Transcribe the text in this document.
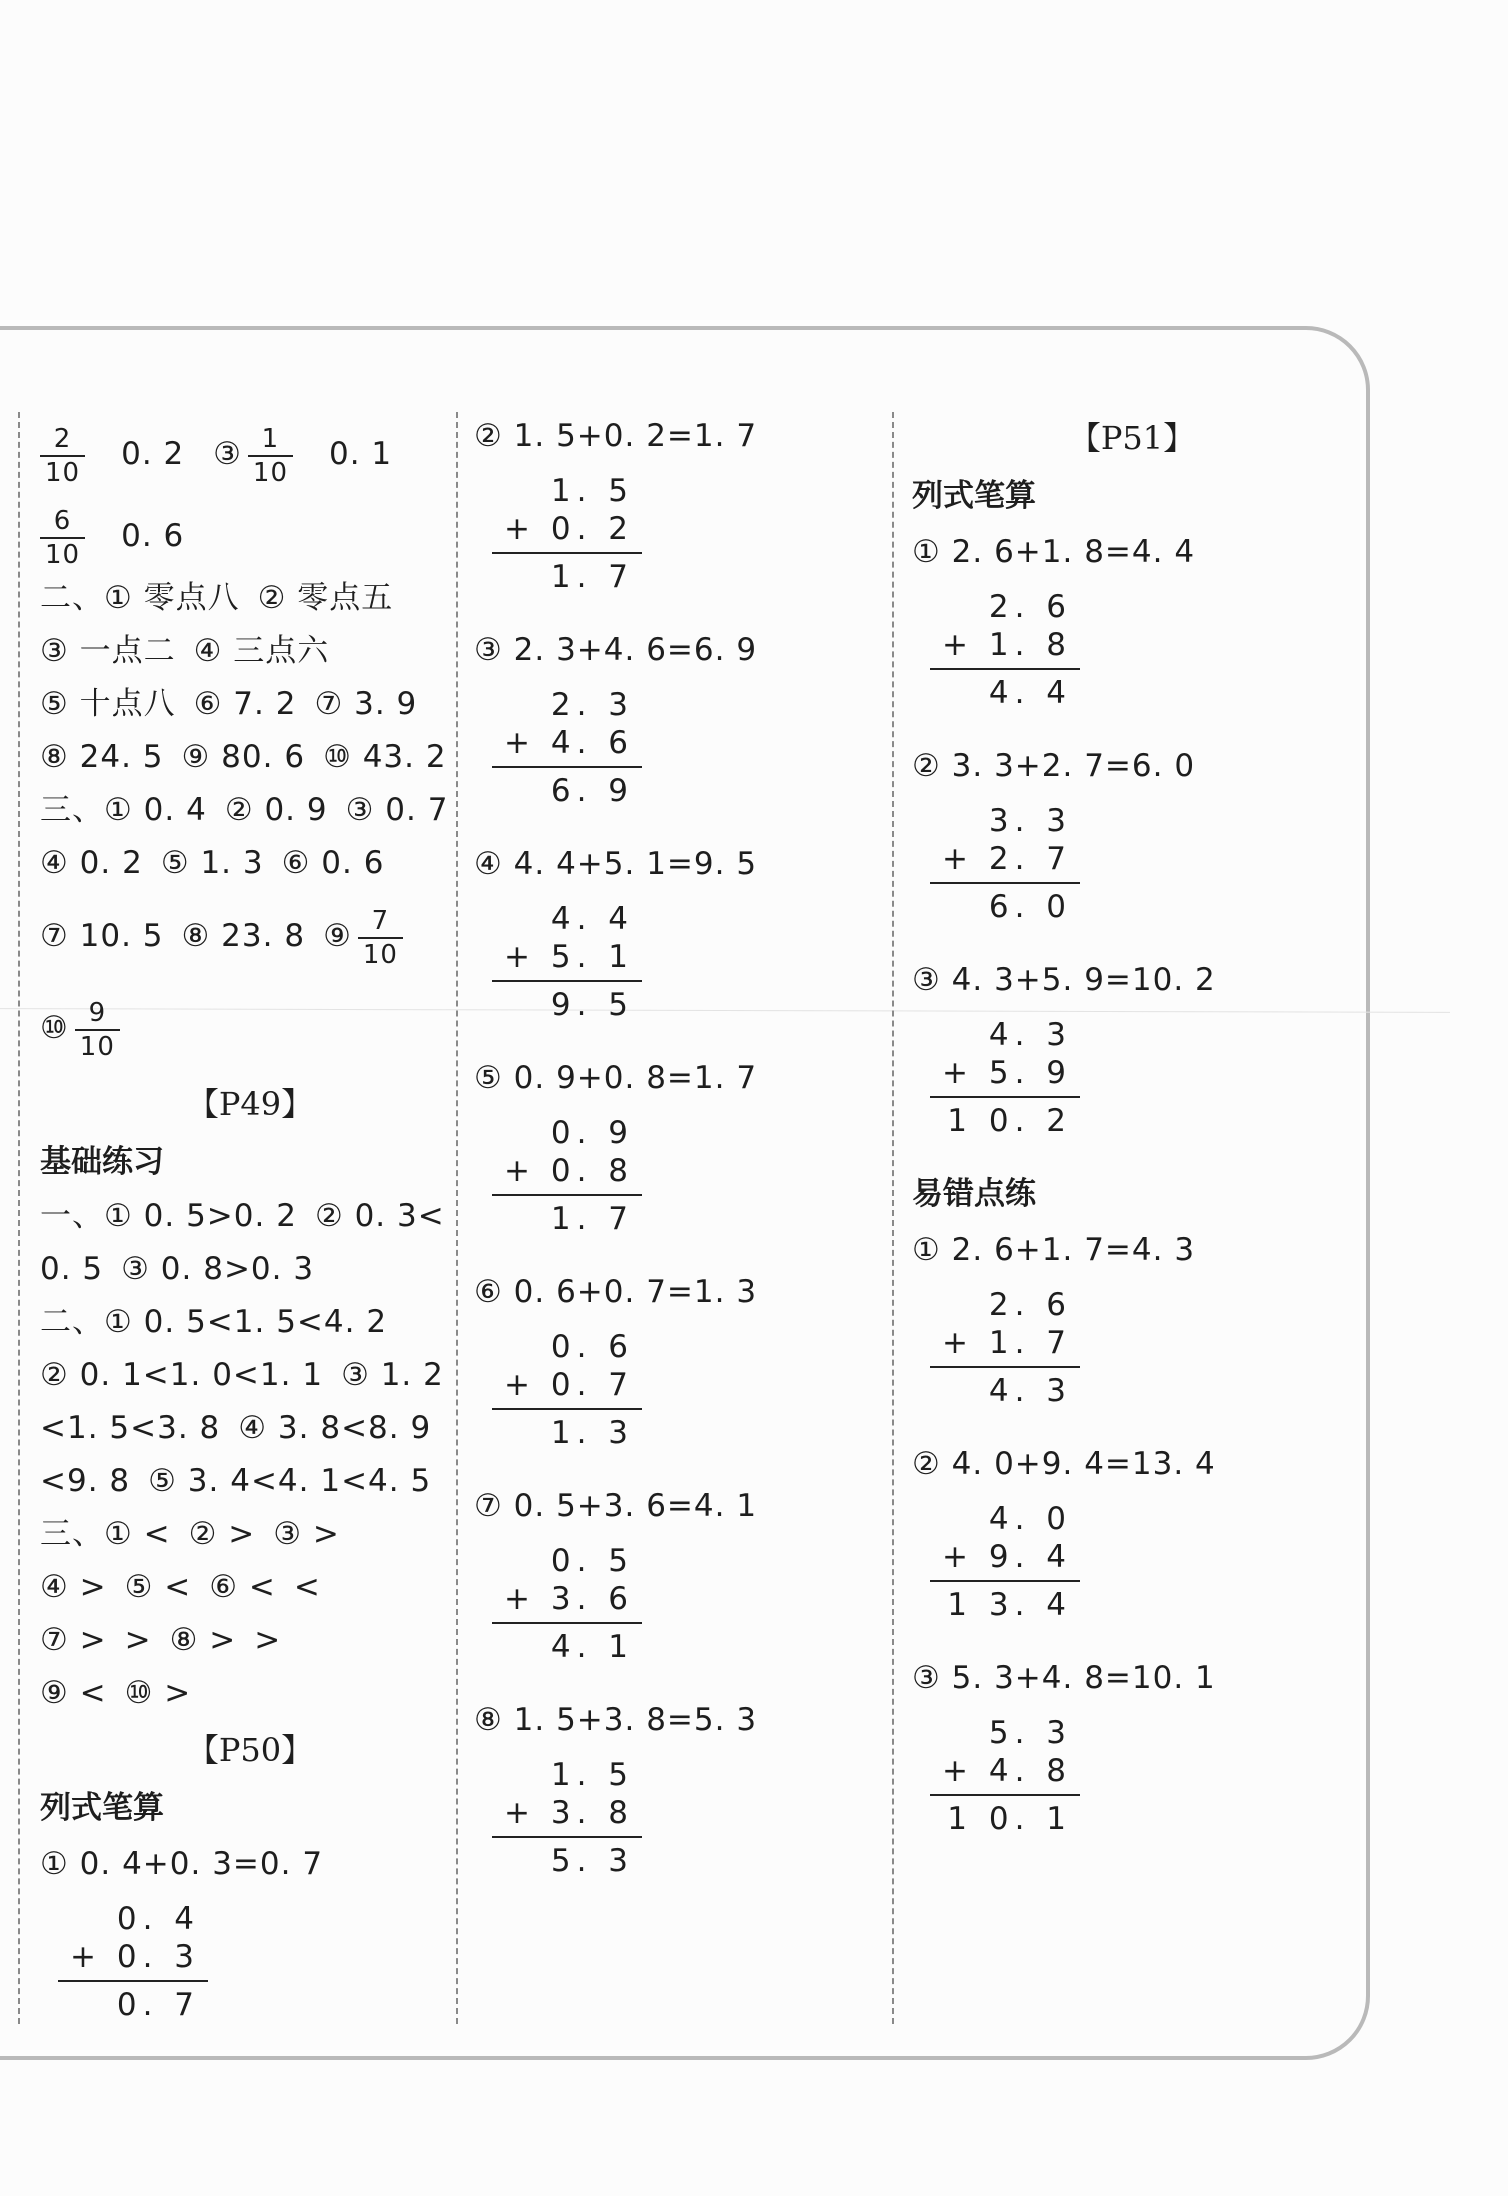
$\frac{2}{10} 0$. 2 ③ $\frac{1}{10} 0$. 1
$\frac{6}{10} 0$. 6
二、① 零点八 ② 零点五
③ 一点二 ④ 三点六
⑤ 十点八 ⑥ 7. 2 ⑦ 3. 9
⑧ 24. 5 ⑨ 80. 6 ⑩ 43. 2
三、① 0. 4 ② 0. 9 ③ 0. 7
④ 0. 2 ⑤ 1. 3 ⑥ 0. 6
⑦ 10. 5 ⑧ 23. 8 ⑨ $\frac{7}{10}$
⑩ $\frac{9}{10}$
【P49】
基础练习
一、① 0. 5>0. 2 ② 0. 3<
0. 5 ③ 0. 8>0. 3
二、① 0. 5<1. 5<4. 2
② 0. 1<1. 0<1. 1 ③ 1. 2
<1. 5<3. 8 ④ 3. 8<8. 9
<9. 8 ⑤ 3. 4<4. 1<4. 5
三、① < ② > ③ >
④ > ⑤ < ⑥ < <
⑦ > > ⑧ > >
⑨ < ⑩ >
【P50】
列式笔算
① 0. 4+0. 3=0. 7
0. 4
+ 0. 3
0. 7
② 1. 5+0. 2=1. 7
1. 5
+ 0. 2
1. 7
③ 2. 3+4. 6=6. 9
2. 3
+ 4. 6
6. 9
④ 4. 4+5. 1=9. 5
4. 4
+ 5. 1
9. 5
⑤ 0. 9+0. 8=1. 7
0. 9
+ 0. 8
1. 7
⑥ 0. 6+0. 7=1. 3
0. 6
+ 0. 7
1. 3
⑦ 0. 5+3. 6=4. 1
0. 5
+ 3. 6
4. 1
⑧ 1. 5+3. 8=5. 3
1. 5
+ 3. 8
5. 3
【P51】
列式笔算
① 2. 6+1. 8=4. 4
2. 6
+ 1. 8
4. 4
② 3. 3+2. 7=6. 0
3. 3
+ 2. 7
6. 0
③ 4. 3+5. 9=10. 2
4. 3
+ 5. 9
1 0. 2
易错点练
① 2. 6+1. 7=4. 3
2. 6
+ 1. 7
4. 3
② 4. 0+9. 4=13. 4
4. 0
+ 9. 4
1 3. 4
③ 5. 3+4. 8=10. 1
5. 3
+ 4. 8
1 0. 1
